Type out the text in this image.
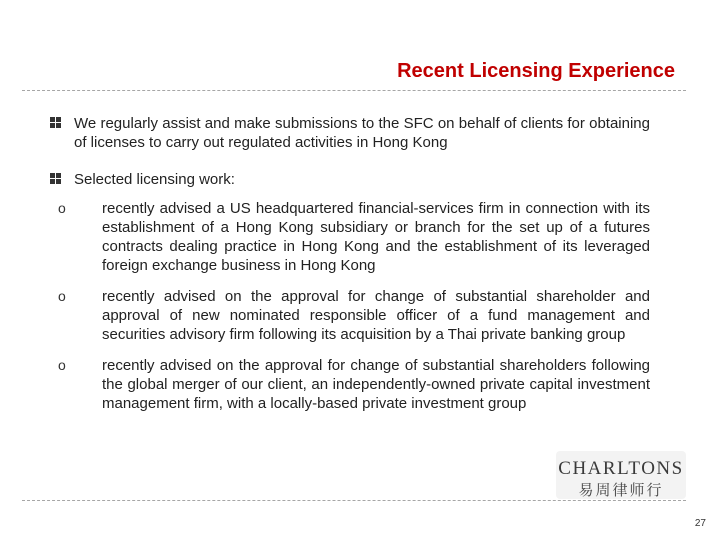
Recent Licensing Experience

We regularly assist and make submissions to the SFC on behalf of clients for obtaining of licenses to carry out regulated activities in Hong Kong

Selected licensing work:

o recently advised a US headquartered financial-services firm in connection with its establishment of a Hong Kong subsidiary or branch for the set up of a futures contracts dealing practice in Hong Kong and the establishment of its leveraged foreign exchange business in Hong Kong

o recently advised on the approval for change of substantial shareholder and approval of new nominated responsible officer of a fund management and securities advisory firm following its acquisition by a Thai private banking group

o recently advised on the approval for change of substantial shareholders following the global merger of our client, an independently-owned private capital investment management firm, with a locally-based private investment group

CHARLTONS
易周律师行
27
